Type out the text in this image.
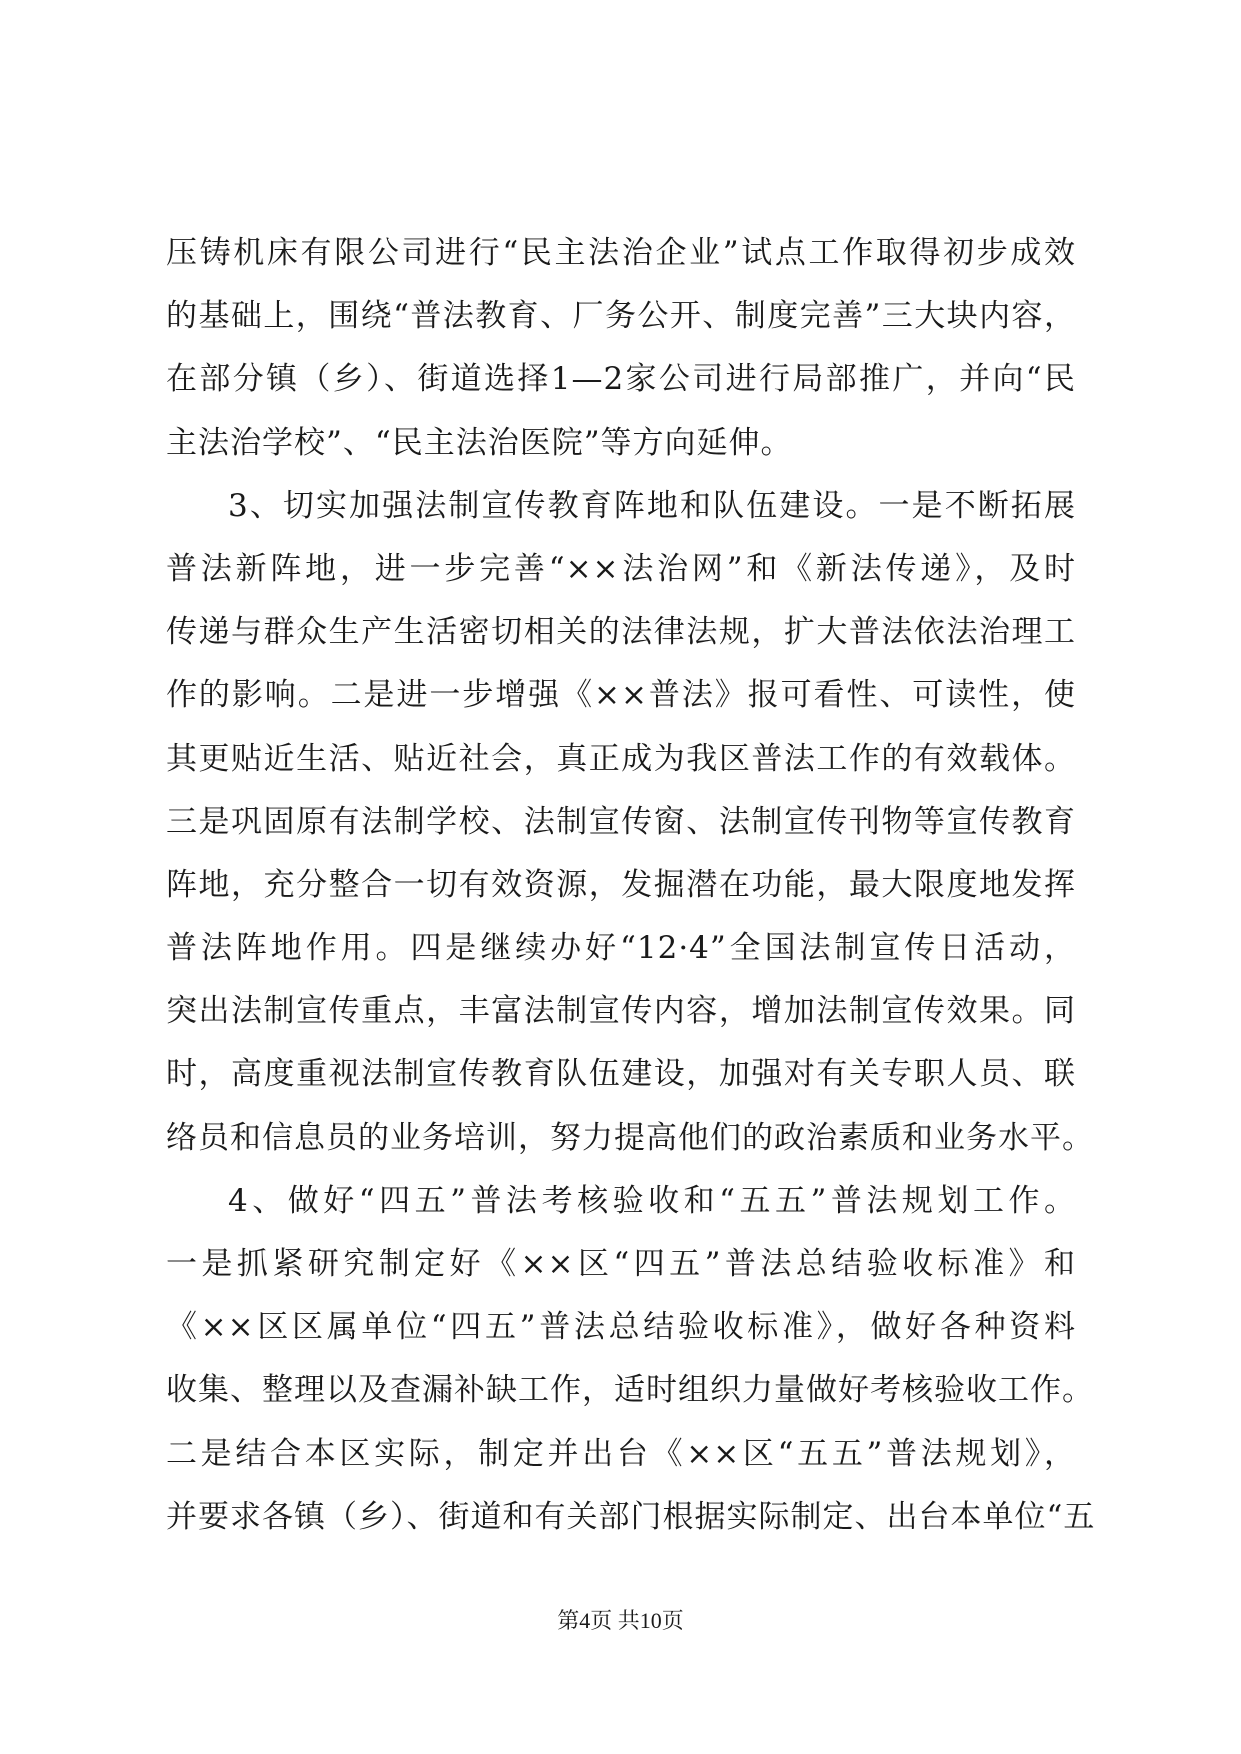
压铸机床有限公司进行“民主法治企业”试点工作取得初步成效
的基础上，围绕“普法教育、厂务公开、制度完善”三大块内容，
在部分镇（乡）、街道选择1—2家公司进行局部推广，并向“民
主法治学校”、“民主法治医院”等方向延伸。
3、切实加强法制宣传教育阵地和队伍建设。一是不断拓展
普法新阵地，进一步完善“××法治网”和《新法传递》，及时
传递与群众生产生活密切相关的法律法规，扩大普法依法治理工
作的影响。二是进一步增强《××普法》报可看性、可读性，使
其更贴近生活、贴近社会，真正成为我区普法工作的有效载体。
三是巩固原有法制学校、法制宣传窗、法制宣传刊物等宣传教育
阵地，充分整合一切有效资源，发掘潜在功能，最大限度地发挥
普法阵地作用。四是继续办好“12·4”全国法制宣传日活动，
突出法制宣传重点，丰富法制宣传内容，增加法制宣传效果。同
时，高度重视法制宣传教育队伍建设，加强对有关专职人员、联
络员和信息员的业务培训，努力提高他们的政治素质和业务水平。
4、做好“四五”普法考核验收和“五五”普法规划工作。
一是抓紧研究制定好《××区“四五”普法总结验收标准》和
《××区区属单位“四五”普法总结验收标准》，做好各种资料
收集、整理以及查漏补缺工作，适时组织力量做好考核验收工作。
二是结合本区实际，制定并出台《××区“五五”普法规划》，
并要求各镇（乡）、街道和有关部门根据实际制定、出台本单位“五
第4页 共10页
